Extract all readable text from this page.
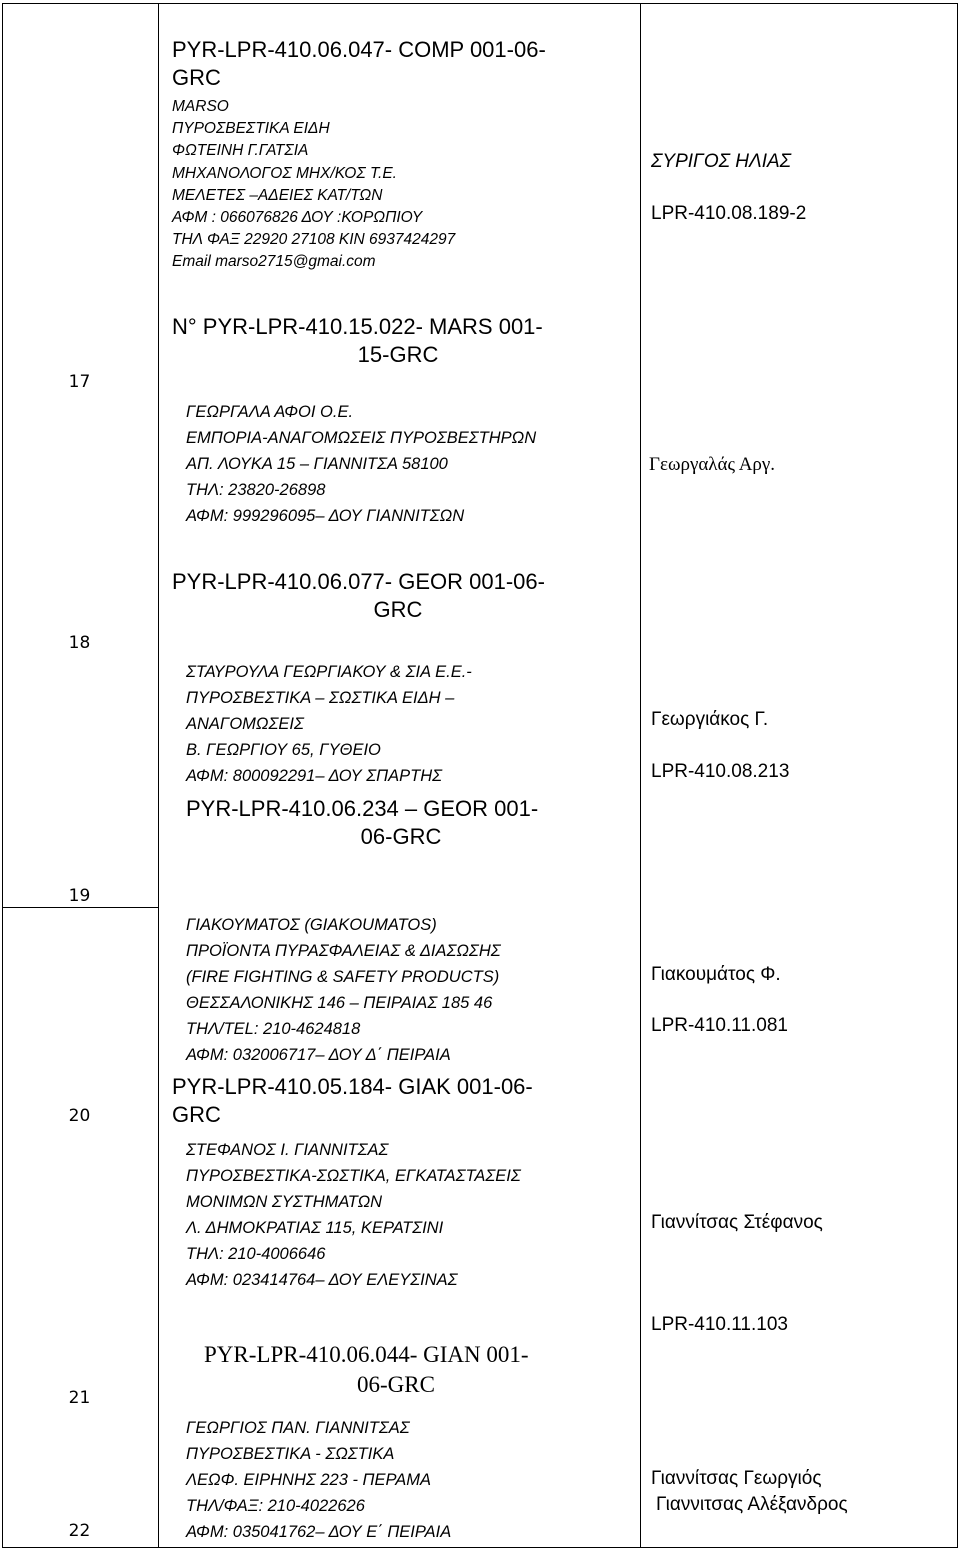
17
18
19
20
21
22
PYR-LPR-410.06.047- COMP 001-06-
GRC
MARSO
ΠΥΡΟΣΒΕΣΤΙΚΑ ΕΙΔΗ
ΦΩΤΕΙΝΗ Γ.ΓΑΤΣΙΑ
ΜΗΧΑΝΟΛΟΓΟΣ ΜΗΧ/ΚΟΣ Τ.Ε.
ΜΕΛΕΤΕΣ –ΑΔΕΙΕΣ ΚΑΤ/ΤΩΝ
ΑΦΜ : 066076826 ΔΟΥ :ΚΟΡΩΠΙΟΥ
ΤΗΛ ΦΑΞ 22920 27108 ΚΙΝ 6937424297
Email marso2715@gmai.com
ΣΥΡΙΓΟΣ ΗΛΙΑΣ
LPR-410.08.189-2
N° PYR-LPR-410.15.022- MARS 001-
15-GRC
ΓΕΩΡΓΑΛΑ ΑΦΟΙ Ο.Ε.
ΕΜΠΟΡΙΑ-ΑΝΑΓΟΜΩΣΕΙΣ ΠΥΡΟΣΒΕΣΤΗΡΩΝ
ΑΠ. ΛΟΥΚΑ 15 – ΓΙΑΝΝΙΤΣΑ 58100
ΤΗΛ: 23820-26898
ΑΦΜ: 999296095– ΔΟΥ ΓΙΑΝΝΙΤΣΩΝ
Γεωργαλάς Αργ.
PYR-LPR-410.06.077- GEOR 001-06-
GRC
ΣΤΑΥΡΟΥΛΑ ΓΕΩΡΓΙΑΚΟΥ & ΣΙΑ Ε.Ε.-
ΠΥΡΟΣΒΕΣΤΙΚΑ – ΣΩΣΤΙΚΑ ΕΙΔΗ –
ΑΝΑΓΟΜΩΣΕΙΣ
Β. ΓΕΩΡΓΙΟΥ 65, ΓΥΘΕΙΟ
ΑΦΜ: 800092291– ΔΟΥ ΣΠΑΡΤΗΣ
PYR-LPR-410.06.234 – GEOR 001-
06-GRC
Γεωργιάκος Γ.
LPR-410.08.213
ΓΙΑΚΟΥΜΑΤΟΣ (GIAKOUMATOS)
ΠΡΟΪΟΝΤΑ ΠΥΡΑΣΦΑΛΕΙΑΣ & ΔΙΑΣΩΣΗΣ
(FIRE FIGHTING & SAFETY PRODUCTS)
ΘΕΣΣΑΛΟΝΙΚΗΣ 146 – ΠΕΙΡΑΙΑΣ 185 46
ΤΗΛ/TEL: 210-4624818
ΑΦΜ: 032006717– ΔΟΥ Δ΄ ΠΕΙΡΑΙΑ
PYR-LPR-410.05.184- GIAK 001-06-
GRC
Γιακουμάτος Φ.
LPR-410.11.081
ΣΤΕΦΑΝΟΣ Ι. ΓΙΑΝΝΙΤΣΑΣ
ΠΥΡΟΣΒΕΣΤΙΚΑ-ΣΩΣΤΙΚΑ, ΕΓΚΑΤΑΣΤΑΣΕΙΣ
ΜΟΝΙΜΩΝ ΣΥΣΤΗΜΑΤΩΝ
Λ. ΔΗΜΟΚΡΑΤΙΑΣ 115, ΚΕΡΑΤΣΙΝΙ
ΤΗΛ: 210-4006646
ΑΦΜ: 023414764– ΔΟΥ ΕΛΕΥΣΙΝΑΣ
Γιαννίτσας Στέφανος
PYR-LPR-410.06.044- GIAN 001-
06-GRC
LPR-410.11.103
ΓΕΩΡΓΙΟΣ ΠΑΝ. ΓΙΑΝΝΙΤΣΑΣ
ΠΥΡΟΣΒΕΣΤΙΚΑ - ΣΩΣΤΙΚΑ
ΛΕΩΦ. ΕΙΡΗΝΗΣ 223 - ΠΕΡΑΜΑ
ΤΗΛ/ΦΑΞ: 210-4022626
ΑΦΜ: 035041762– ΔΟΥ Ε΄ ΠΕΙΡΑΙΑ
Γιαννίτσας Γεωργιός
Γιαννιτσας Αλέξανδρος
